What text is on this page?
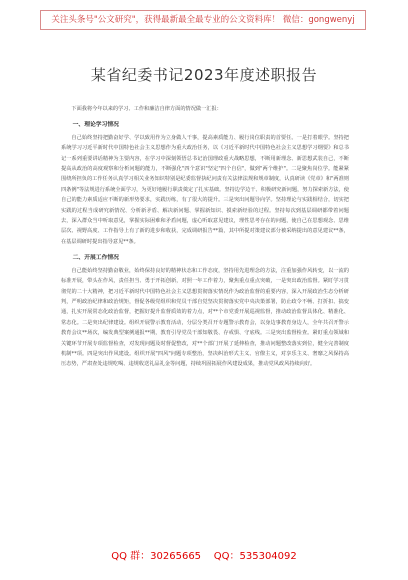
关注头条号"公文研究"，获得最新最全最专业的公文资料库！ 微信：gongwenyj
某省纪委书记2023年度述职报告

下面我将今年以来的学习、工作和廉洁自律方面的情况做一汇报：

一、理论学习情况

自己始终坚持把勤奋好学、学以致用作为立身做人干事，提高素质能力、履行岗位职责的首要任。一是打着眼学。坚持把系统学习习近平新时代中国特色社会主义思想作为重大政治任务，以《习近平新时代中国特色社会主义思想学习纲要》和总书记一系列重要讲话精神为主要内容，在学习中深刻领悟总书记治国理政重大战略思想，不断用新理念、新思想武装自己，不断提高从政治的高度观察和分析问题的能力，不断强化"四个意识"坚定"四个自信"，做到"两个维护"。二是聚焦岗位学。能紧紧围绕所担负的工作任务认真学习相关业务知识特别是纪委监督执纪问责有关法律法规和规章制度，认真研读《党章》和"两准则四条例"等法规进行系统全面学习，为更好地履行职责奠定了扎实基础。坚持边学边干、积极研究新问题，努力探索新方法，使自己的能力素质适应不断的新形势要求，实践历练，有了很大的提升。三是突出问题导向学。坚持理论与实践相结合，切实把实践的过程当成研究新情况、分析新矛盾、解决新问题、掌握新知识、摸索新经验的过程。坚持每次到基层调研都带着问题去，深入群众当中听取意见，掌握实际困难和矛盾问题，虚心听取意见建议，理性思考存在的问题，使自己在思想观念、思维层次、视野高度、工作指导上有了新的进步和收获，完成调研报告**篇，其中所提对策建议部分被采纳提出的意见建议**条，在基层调研时提出指导意见**条。

二、开展工作情况

自己能始终坚持勤奋敬业，始终保持良好的精神状态和工作态度，坚持用先进理念的方法，注重加强作风转变，以一流的标准开展，带头在作风，责任担当、勇于开拓创新，对照一年工作着力，聚焦重点重点突破，一是突出政治监督。紧盯学习贯彻党的二十大精神，把习近平新时代中国特色社会主义思想贯彻落实情况作为政治监督的重要内容，深入开展政治生态分析研判，严明政治纪律和政治规矩，督促各级党组织和党员干部自觉坚决贯彻落实党中央决策部署，防止政令不畅、打折扣、搞变通，扎实开展常态化政治监督，把握好提升监督质效的着力点，对**个市党委开展巡视监督，推动政治监督具体化、精准化、常态化。二是突出纪律建设。组织开展警示教育活动，分层分类召开专题警示教育会，以身边事教育身边人，全年共召开警示教育会议**场次，编发典型案例通报**期，教育引导党员干部知敬畏、存戒惧、守底线。三是突出监督检查。紧盯重点领域和关键环节开展专项监督检查，对发现问题及时督促整改，对**个部门开展了延伸检查，推动问题整改落实到位，健全完善制度机制**项。四是突出作风建设。组织开展"四风"问题专项整治，坚决纠治形式主义、官僚主义，对享乐主义、奢靡之风保持高压态势，严肃查处违规吃喝、违规收送礼品礼金等问题，持续巩固拓展作风建设成果，推动党风政风持续向好。

QQ 群：30265665    QQ：535304092
